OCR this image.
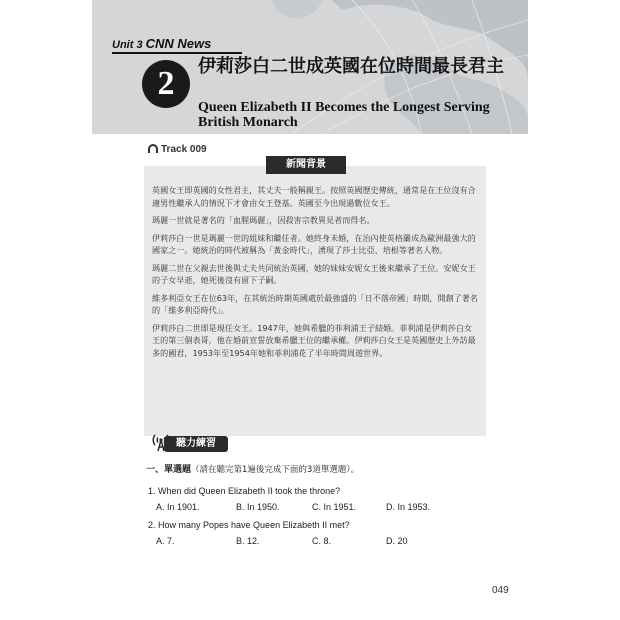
Unit 3 CNN News
2	伊莉莎白二世成英國在位時間最長君主
Queen Elizabeth II Becomes the Longest Serving British Monarch
Track 009
新聞背景

英國女王即英國的女性君主，其丈夫一般稱親王。按照英國歷史傳統，通常是在王位沒有合適男性繼承人的情況下才會由女王登基。英國至今出現過數位女王。

瑪麗一世就是著名的「血腥瑪麗」，因殺害宗教異見者而得名。

伊莉莎白一世是瑪麗一世的姐妹和繼任者。她終身未婚，在治內使英格蘭成為歐洲最強大的國家之一。她統治的時代被稱為「黃金時代」，湧現了莎士比亞、培根等著名人物。

瑪麗二世在父親去世後與丈夫共同統治英國，她的妹妹安妮女王後來繼承了王位。安妮女王的子女早逝，她死後沒有留下子嗣。

維多利亞女王在位63年，在其統治時期英國處於最強盛的「日不落帝國」時期，開創了著名的「維多利亞時代」。

伊莉莎白二世即是現任女王。1947年，她與希臘的菲利浦王子結婚。菲利浦是伊莉莎白女王的第三個表哥，他在婚前宣誓放棄希臘王位的繼承權。伊莉莎白女王是英國歷史上外訪最多的國君，1953年至1954年她和菲利浦花了半年時間周遊世界。

聽力練習
一、單選題（請在聽完第1遍後完成下面的3道單選題）。
1. When did Queen Elizabeth II took the throne?
A. In 1901.	B. In 1950.	C. In 1951.	D. In 1953.
2. How many Popes have Queen Elizabeth II met?
A. 7.	B. 12.	C. 8.	D. 20
049
